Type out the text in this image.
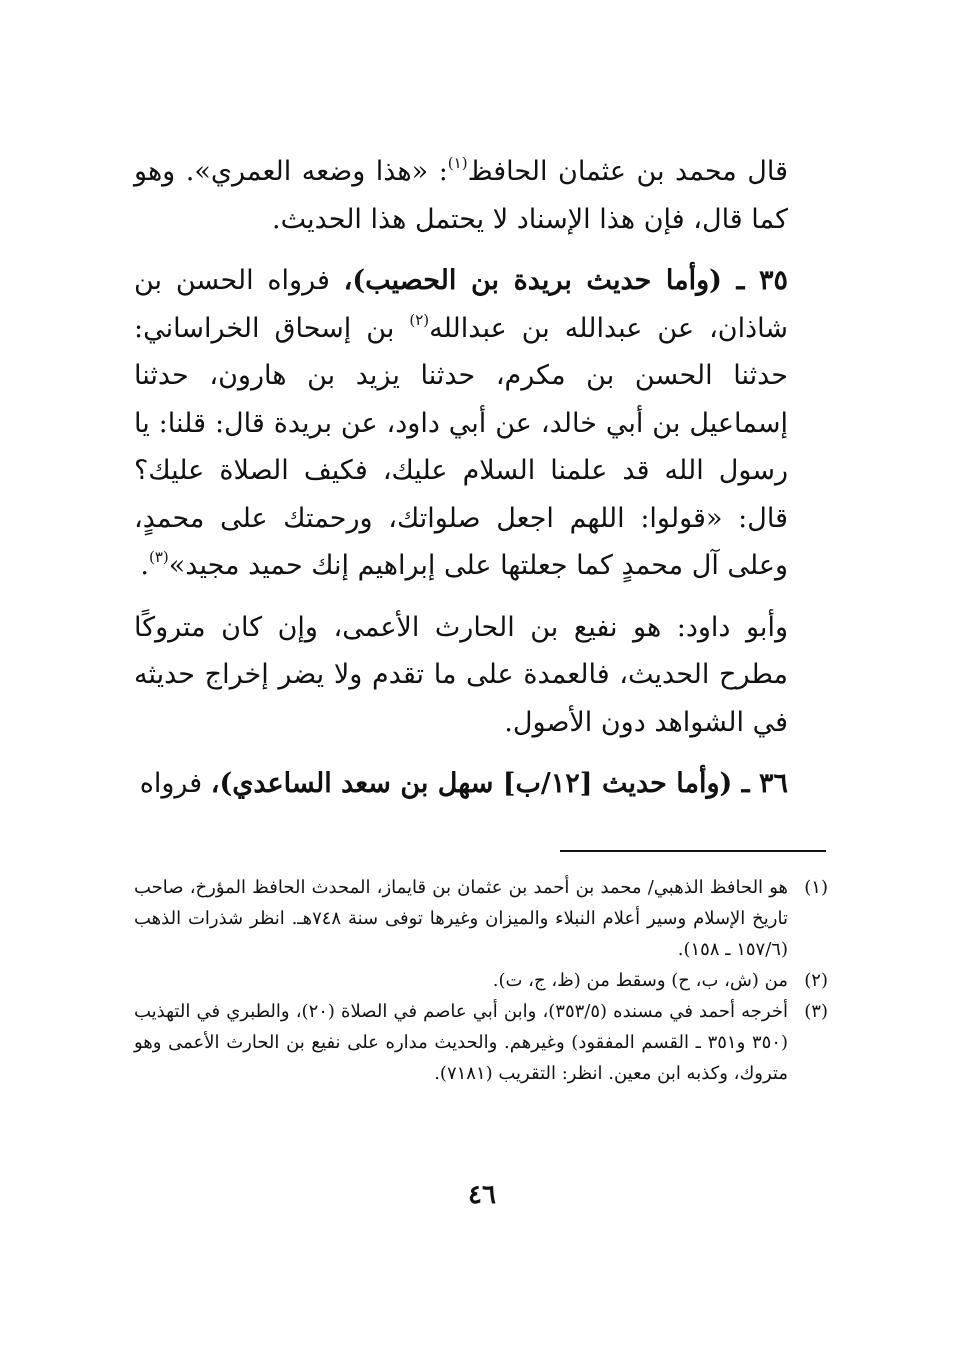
قال محمد بن عثمان الحافظ$^{(١)}$: «هذا وضعه العمري». وهو كما قال، فإن هذا الإسناد لا يحتمل هذا الحديث.

٣٥ ـ (وأما حديث بريدة بن الحصيب)، فرواه الحسن بن شاذان، عن عبدالله بن عبدالله$^{(٢)}$ بن إسحاق الخراساني: حدثنا الحسن بن مكرم، حدثنا يزيد بن هارون، حدثنا إسماعيل بن أبي خالد، عن أبي داود، عن بريدة قال: قلنا: يا رسول الله قد علمنا السلام عليك، فكيف الصلاة عليك؟ قال: «قولوا: اللهم اجعل صلواتك، ورحمتك على محمدٍ، وعلى آل محمدٍ كما جعلتها على إبراهيم إنك حميد مجيد»$^{(٣)}$.

وأبو داود: هو نفيع بن الحارث الأعمى، وإن كان متروكًا مطرح الحديث، فالعمدة على ما تقدم ولا يضر إخراج حديثه في الشواهد دون الأصول.

٣٦ ـ (وأما حديث [١٢/ب] سهل بن سعد الساعدي)، فرواه

(١)
هو الحافظ الذهبي/ محمد بن أحمد بن عثمان بن قايماز، المحدث الحافظ المؤرخ، صاحب تاريخ الإسلام وسير أعلام النبلاء والميزان وغيرها توفى سنة ٧٤٨هـ. انظر شذرات الذهب (١٥٧/٦ ـ ١٥٨).
(٢)
من (ش، ب، ح) وسقط من (ظ، ج، ت).
(٣)
أخرجه أحمد في مسنده (٣٥٣/٥)، وابن أبي عاصم في الصلاة (٢٠)، والطبري في التهذيب (٣٥٠ و٣٥١ ـ القسم المفقود) وغيرهم. والحديث مداره على نفيع بن الحارث الأعمى وهو متروك، وكذبه ابن معين. انظر: التقريب (٧١٨١).
٤٦
